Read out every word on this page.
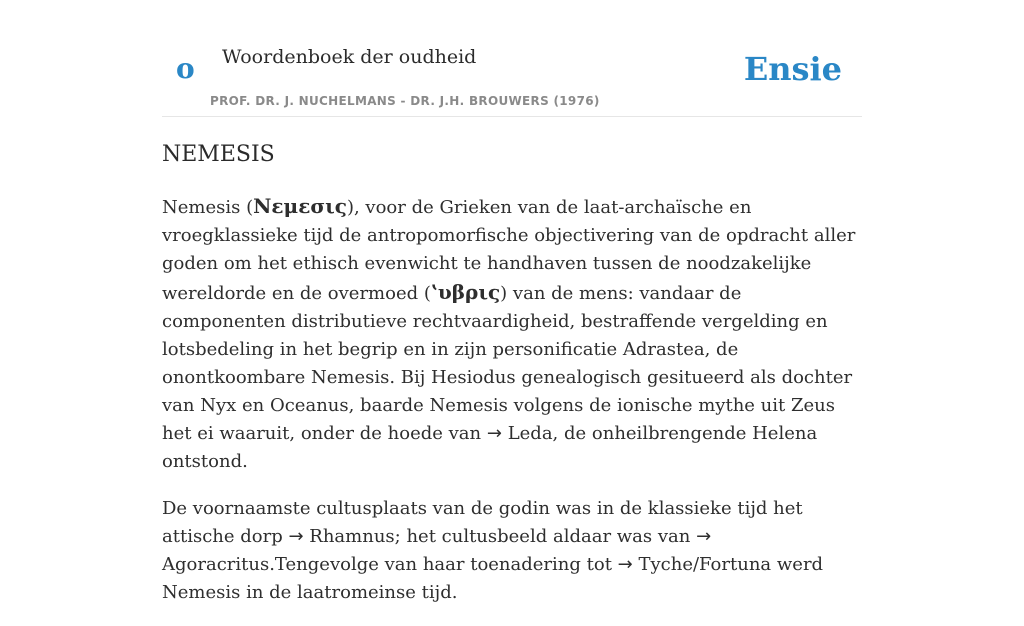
o Woordenboek der oudheid
PROF. DR. J. NUCHELMANS - DR. J.H. BROUWERS (1976)
Ensie
NEMESIS

Nemesis (Νεμεσις), voor de Grieken van de laat-archaïsche en vroegklassieke tijd de antropomorfische objectivering van de opdracht aller goden om het ethisch evenwicht te handhaven tussen de noodzakelijke wereldorde en de overmoed (ʽυβρις) van de mens: vandaar de componenten distributieve rechtvaardigheid, bestraffende vergelding en lotsbedeling in het begrip en in zijn personificatie Adrastea, de onontkoombare Nemesis. Bij Hesiodus genealogisch gesitueerd als dochter van Nyx en Oceanus, baarde Nemesis volgens de ionische mythe uit Zeus het ei waaruit, onder de hoede van → Leda, de onheilbrengende Helena ontstond.

De voornaamste cultusplaats van de godin was in de klassieke tijd het attische dorp → Rhamnus; het cultusbeeld aldaar was van → Agoracritus.Tengevolge van haar toenadering tot → Tyche/Fortuna werd Nemesis in de laatromeinse tijd.
